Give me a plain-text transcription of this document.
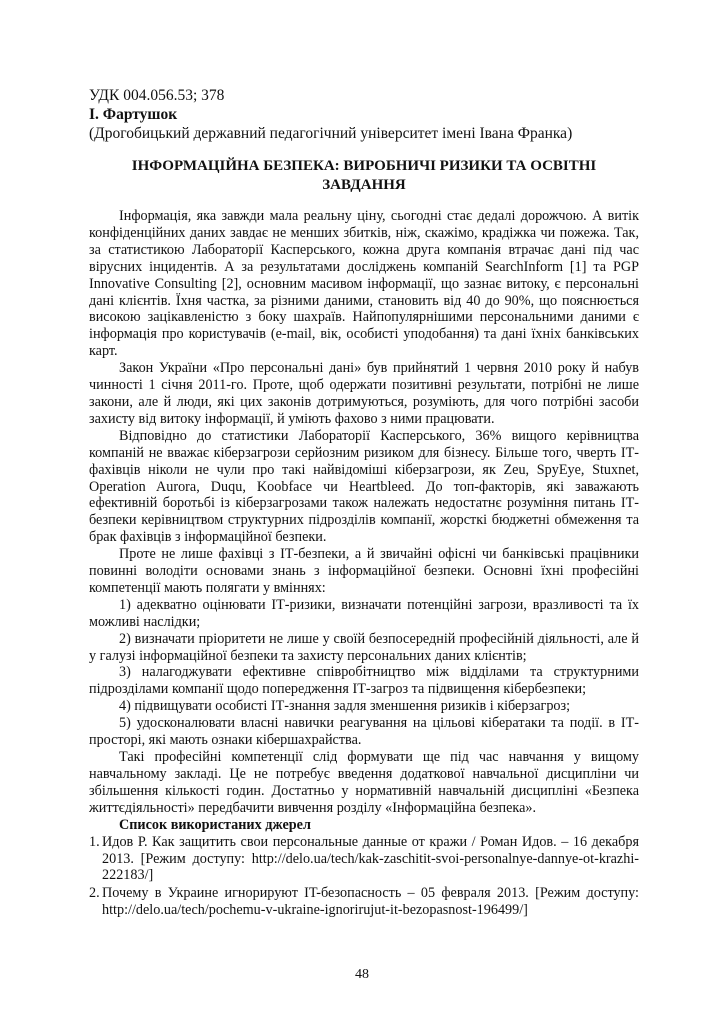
УДК 004.056.53; 378

І. Фартушок

(Дрогобицький державний педагогічний університет імені Івана Франка)

ІНФОРМАЦІЙНА БЕЗПЕКА: ВИРОБНИЧІ РИЗИКИ ТА ОСВІТНІ ЗАВДАННЯ

Інформація, яка завжди мала реальну ціну, сьогодні стає дедалі дорожчою. А витік конфіденційних даних завдає не менших збитків, ніж, скажімо, крадіжка чи пожежа. Так, за статистикою Лабораторії Касперського, кожна друга компанія втрачає дані під час вірусних інцидентів. А за результатами досліджень компаній SearchInform [1] та PGP Innovative Consulting [2], основним масивом інформації, що зазнає витоку, є персональні дані клієнтів. Їхня частка, за різними даними, становить від 40 до 90%, що пояснюється високою зацікавленістю з боку шахраїв. Найпопулярнішими персональними даними є інформація про користувачів (e-mail, вік, особисті уподобання) та дані їхніх банківських карт.

Закон України «Про персональні дані» був прийнятий 1 червня 2010 року й набув чинності 1 січня 2011-го. Проте, щоб одержати позитивні результати, потрібні не лише закони, але й люди, які цих законів дотримуються, розуміють, для чого потрібні засоби захисту від витоку інформації, й уміють фахово з ними працювати.

Відповідно до статистики Лабораторії Касперського, 36% вищого керівництва компаній не вважає кіберзагрози серйозним ризиком для бізнесу. Більше того, чверть ІТ-фахівців ніколи не чули про такі найвідоміші кіберзагрози, як Zeu, SpyEye, Stuxnet, Operation Aurora, Duqu, Koobface чи Heartbleed. До топ-факторів, які заважають ефективній боротьбі із кіберзагрозами також належать недостатнє розуміння питань ІТ-безпеки керівництвом структурних підрозділів компанії, жорсткі бюджетні обмеження та брак фахівців з інформаційної безпеки.

Проте не лише фахівці з ІТ-безпеки, а й звичайні офісні чи банківські працівники повинні володіти основами знань з інформаційної безпеки. Основні їхні професійні компетенції мають полягати у вміннях:

1) адекватно оцінювати ІТ-ризики, визначати потенційні загрози, вразливості та їх можливі наслідки;

2) визначати пріоритети не лише у своїй безпосередній професійній діяльності, але й у галузі інформаційної безпеки та захисту персональних даних клієнтів;

3) налагоджувати ефективне співробітництво між відділами та структурними підрозділами компанії щодо попередження ІТ-загроз та підвищення кібербезпеки;

4) підвищувати особисті ІТ-знання задля зменшення ризиків і кіберзагроз;

5) удосконалювати власні навички реагування на цільові кібератаки та події. в ІТ-просторі, які мають ознаки кібершахрайства.

Такі професійні компетенції слід формувати ще під час навчання у вищому навчальному закладі. Це не потребує введення додаткової навчальної дисципліни чи збільшення кількості годин. Достатньо у нормативній навчальній дисципліні «Безпека життєдіяльності» передбачити вивчення розділу «Інформаційна безпека».

Список використаних джерел

1. Идов Р. Как защитить свои персональные данные от кражи / Роман Идов. – 16 декабря 2013. [Режим доступу: http://delo.ua/tech/kak-zaschitit-svoi-personalnye-dannye-ot-krazhi-222183/]
2. Почему в Украине игнорируют IT-безопасность – 05 февраля 2013. [Режим доступу: http://delo.ua/tech/pochemu-v-ukraine-ignorirujut-it-bezopasnost-196499/]
48
